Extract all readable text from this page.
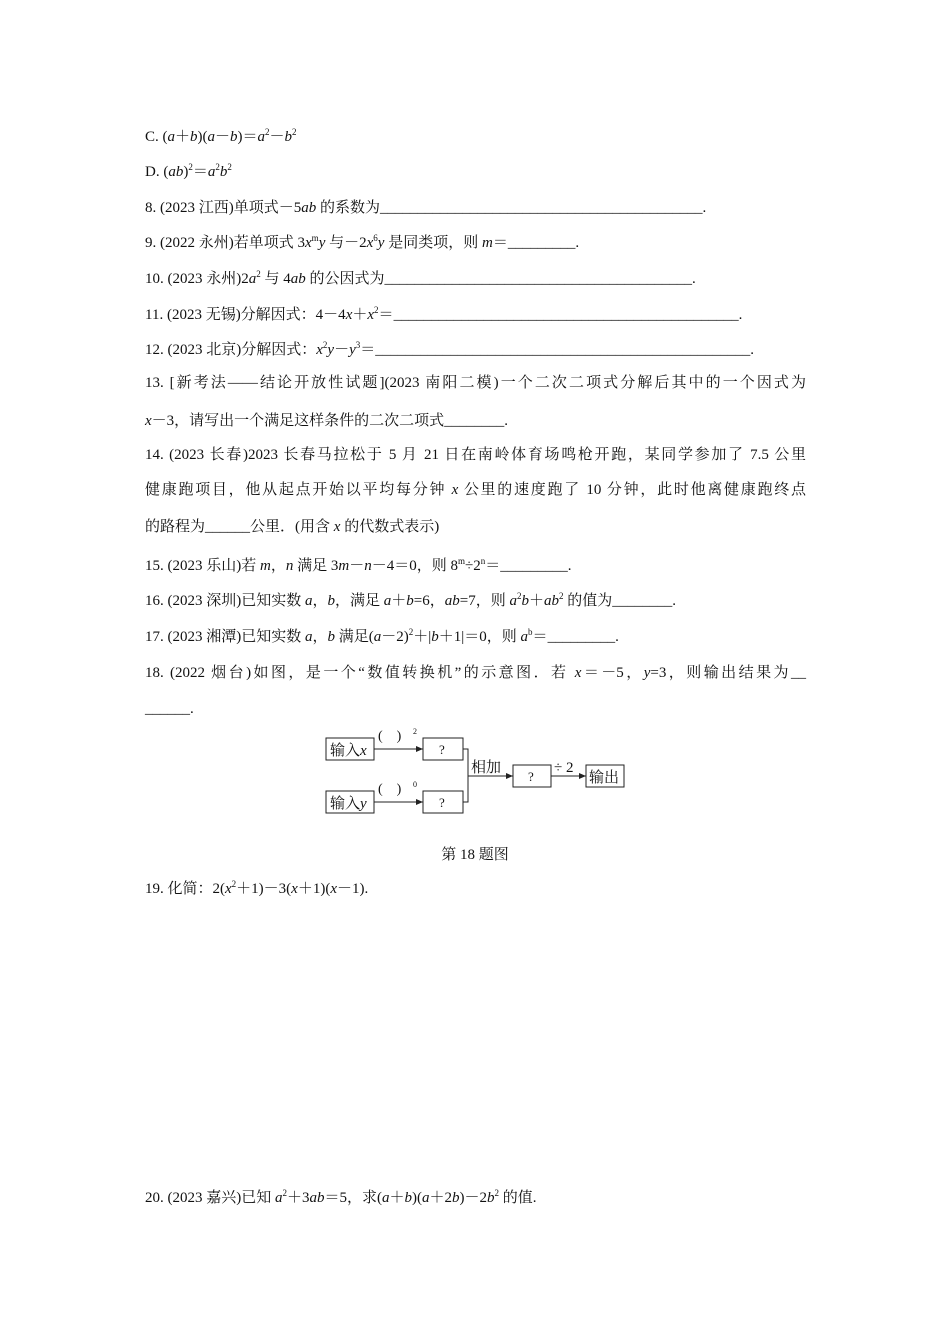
C. $(a+b)(a-b)=a^2-b^2$
D. $(ab)^2=a^2b^2$
8. (2023 江西)单项式－5ab 的系数为___________________________________________.
9. (2022 永州)若单项式 $3x^my$ 与$-2x^6y$ 是同类项，则 m＝_________.
10. (2023 永州)$2a^2$ 与 4ab 的公因式为_________________________________________.
11. (2023 无锡)分解因式：$4-4x+x^2=\_\_\_\_\_\_\_\_\_\_\_\_\_\_\_\_\_\_\_\_\_\_\_\_\_\_\_\_\_\_\_\_\_\_\_\_\_\_\_\_\_\_\_\_\_\_$.
12. (2023 北京)分解因式：$x^2y-y^3=\_\_\_\_\_\_\_\_\_\_\_\_\_\_\_\_\_\_\_\_\_\_\_\_\_\_\_\_\_\_\_\_\_\_\_\_\_\_\_\_\_\_\_\_\_\_\_\_\_\_$.
13. [新考法——结论开放性试题](2023 南阳二模)一个二次二项式分解后其中的一个因式为
x－3，请写出一个满足这样条件的二次二项式________.
14. (2023 长春)2023 长春马拉松于 5 月 21 日在南岭体育场鸣枪开跑，某同学参加了 7.5 公里
健康跑项目，他从起点开始以平均每分钟 x 公里的速度跑了 10 分钟，此时他离健康跑终点
的路程为______公里．(用含 x 的代数式表示)
15. (2023 乐山)若 m，n 满足 3m－n－4＝0，则 $8^m\div 2^n=\_\_\_\_\_\_\_\_\_$.
16. (2023 深圳)已知实数 a，b，满足 a＋b=6，ab=7，则 $a^2b+ab^2$ 的值为________.
17. (2023 湘潭)已知实数 a，b 满足$(a-2)^2+|b+1|=0$，则 $a^b=\_\_\_\_\_\_\_\_\_$.
18. (2022 烟台)如图，是一个“数值转换机”的示意图．若 x＝－5，y=3，则输出结果为__
______.
19. 化简：$2(x^2+1)-3(x+1)(x-1)$.
20. (2023 嘉兴)已知 $a^2+3ab=5$，求$(a+b)(a+2b)-2b^2$ 的值.
输入x
输入y
(    ) 2
(    ) 0
?
?
?
相加	÷ 2
输出
第 18 题图
